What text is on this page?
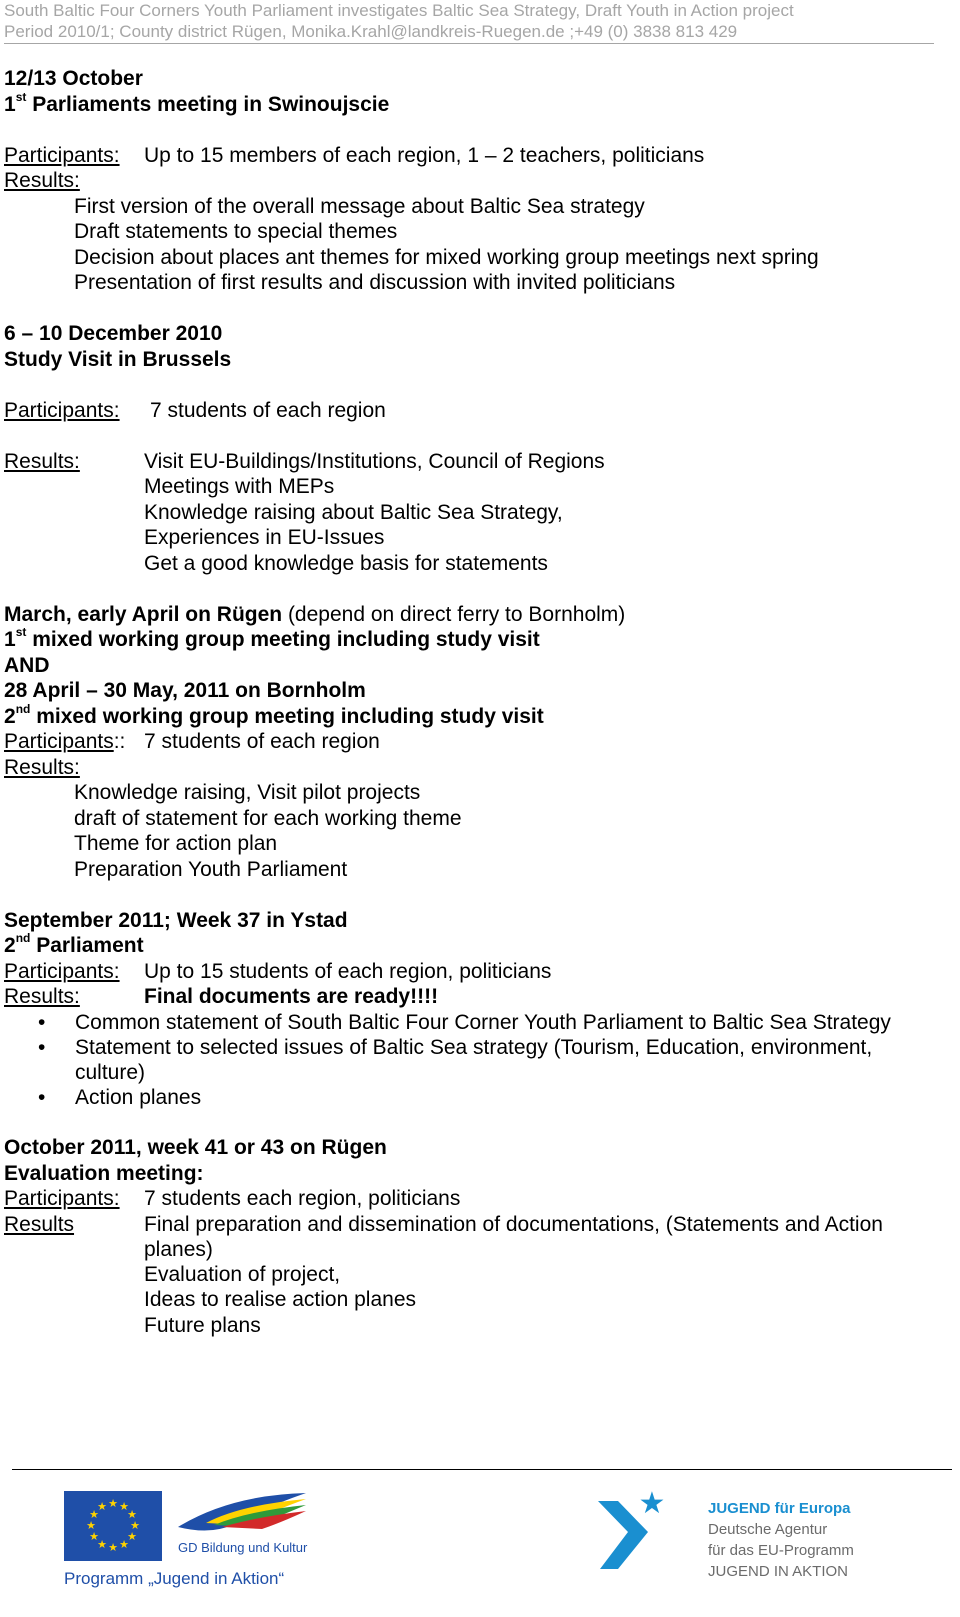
South Baltic Four Corners Youth Parliament investigates Baltic Sea Strategy, Draft Youth in Action project
Period 2010/1; County district Rügen, Monika.Krahl@landkreis-Ruegen.de ;+49 (0) 3838 813 429
12/13 October
1st Parliaments meeting in Swinoujscie
Participants:	Up to 15 members of each region, 1 – 2 teachers, politicians
Results:
First version of the overall message about Baltic Sea strategy
Draft statements to special themes
Decision about places ant themes for mixed working group meetings next spring
Presentation of first results and discussion with invited politicians
6 – 10 December 2010
Study Visit in Brussels
Participants:	7 students of each region
Results:	Visit EU-Buildings/Institutions, Council of Regions
Meetings with MEPs
Knowledge raising about Baltic Sea Strategy,
Experiences in EU-Issues
Get a good knowledge basis for statements
March, early April on Rügen (depend on direct ferry to Bornholm)
1st mixed working group meeting including study visit
AND
28 April – 30 May, 2011 on Bornholm
2nd mixed working group meeting including study visit
Participants:: 7 students of each region
Results:
Knowledge raising, Visit pilot projects
draft of statement for each working theme
Theme for action plan
Preparation Youth Parliament
September 2011; Week 37 in Ystad
2nd Parliament
Participants:	Up to 15 students of each region, politicians
Results:	Final documents are ready!!!!
• Common statement of South Baltic Four Corner Youth Parliament to Baltic Sea Strategy
• Statement to selected issues of Baltic Sea strategy (Tourism, Education, environment, culture)
• Action planes
October 2011, week 41 or 43 on Rügen
Evaluation meeting:
Participants:	7 students each region, politicians
Results	Final preparation and dissemination of documentations, (Statements and Action planes)
Evaluation of project,
Ideas to realise action planes
Future plans
★ ★
★
★
★
★
★
★
★
★
★
★
GD Bildung und Kultur
Programm „Jugend in Aktion“
★	JUGEND für Europa
Deutsche Agentur
für das EU-Programm
JUGEND IN AKTION
